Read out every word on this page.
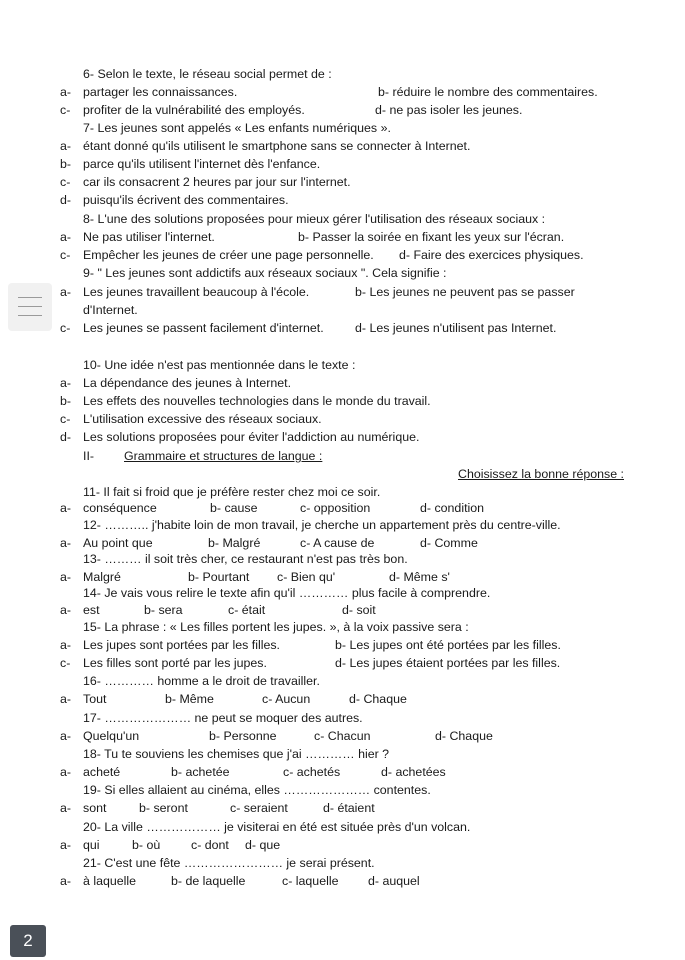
6- Selon le texte, le réseau social permet de :
a- partager les connaissances.	b- réduire le nombre des commentaires.
c- profiter de la vulnérabilité des employés.	d- ne pas isoler les jeunes.
7- Les jeunes sont appelés « Les enfants numériques ».
a- étant donné qu'ils utilisent le smartphone sans se connecter à Internet.
b- parce qu'ils utilisent l'internet dès l'enfance.
c- car ils consacrent 2 heures par jour sur l'internet.
d- puisqu'ils écrivent des commentaires.
8- L'une des solutions proposées pour mieux gérer l'utilisation des réseaux sociaux :
a- Ne pas utiliser l'internet.	b- Passer la soirée en fixant les yeux sur l'écran.
c- Empêcher les jeunes de créer une page personnelle. d- Faire des exercices physiques.
9- " Les jeunes sont addictifs aux réseaux sociaux ". Cela signifie :
a- Les jeunes travaillent beaucoup à l'école.	b- Les jeunes ne peuvent pas se passer
d'Internet.
c- Les jeunes se passent facilement d'internet.	d- Les jeunes n'utilisent pas Internet.
10- Une idée n'est pas mentionnée dans le texte :
a- La dépendance des jeunes à Internet.
b- Les effets des nouvelles technologies dans le monde du travail.
c- L'utilisation excessive des réseaux sociaux.
d- Les solutions proposées pour éviter l'addiction au numérique.
II- Grammaire et structures de langue :
Choisissez la bonne réponse :
11- Il fait si froid que je préfère rester chez moi ce soir.
a- conséquence	b- cause	c- opposition	d- condition
12- ……….. j'habite loin de mon travail, je cherche un appartement près du centre-ville.
a- Au point que	b- Malgré	c- A cause de	d- Comme
13- ……… il soit très cher, ce restaurant n'est pas très bon.
a- Malgré	b- Pourtant c- Bien qu'	d- Même s'
14- Je vais vous relire le texte afin qu'il ………… plus facile à comprendre.
a- est	b- sera	c- était	d- soit
15- La phrase : « Les filles portent les jupes. », à la voix passive sera :
a- Les jupes sont portées par les filles.	b- Les jupes ont été portées par les filles.
c- Les filles sont porté par les jupes.	d- Les jupes étaient portées par les filles.
16- ………… homme a le droit de travailler.
a- Tout	b- Même	c- Aucun	d- Chaque
17- ………………… ne peut se moquer des autres.
a- Quelqu'un	b- Personne	c- Chacun	d- Chaque
18- Tu te souviens les chemises que j'ai ………… hier ?
a- acheté	b- achetée	c- achetés	d- achetées
19- Si elles allaient au cinéma, elles ………………… contentes.
a- sont	b- seront	c- seraient	d- étaient
20- La ville ……………… je visiterai en été est située près d'un volcan.
a- qui	b- où c- dont d- que
21- C'est une fête …………………… je serai présent.
a- à laquelle	b- de laquelle	c- laquelle d- auquel
2
